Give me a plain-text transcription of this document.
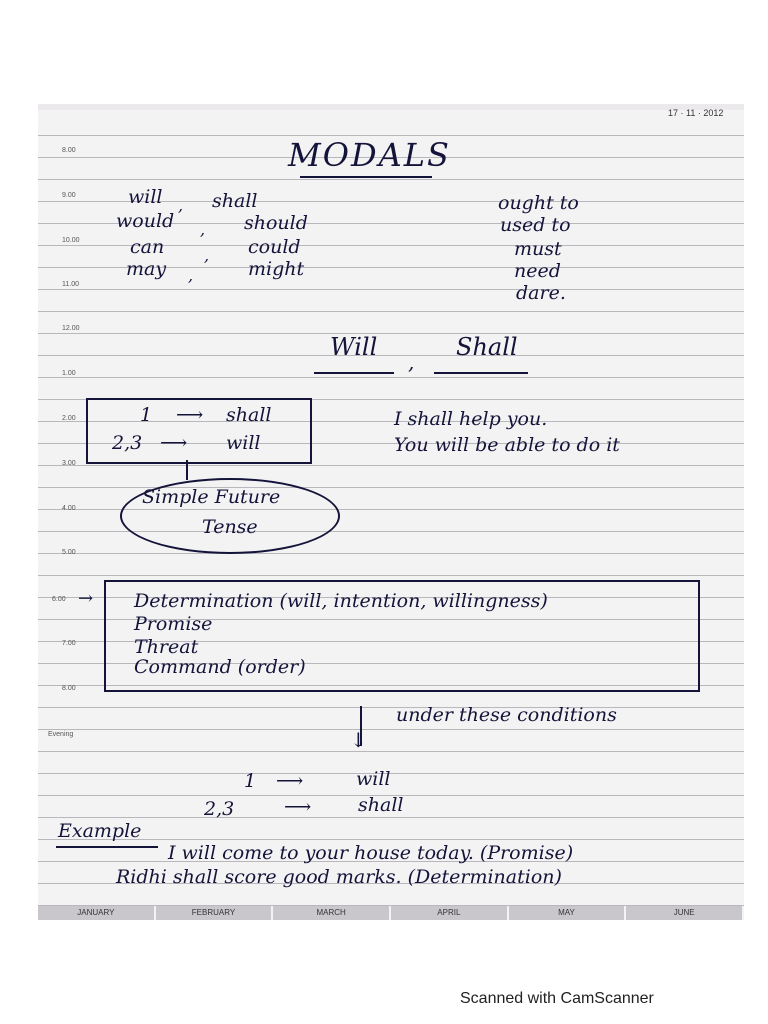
17 · 11 · 2012
8.00
9.00
10.00
11.00
12.00
1.00
2.00
3.00
4.00
5.00
6.00
7.00
8.00
Evening
MODALS
will , shall
would , should
can , could
may ,	might
ought to
used to
must
need
dare.
Will
,
Shall
1 ⟶ shall
2,3 ⟶ will
I shall help you.
You will be able to do it
Simple Future
Tense
→ Determination (will, intention, willingness)
Promise
Threat
Command (order)
↓
under these conditions
1 ⟶	will
2,3	⟶ shall
Example
I will come to your house today. (Promise)
Ridhi shall score good marks. (Determination)
JANUARY	FEBRUARY	MARCH	APRIL	MAY	JUNE
Scanned with CamScanner
